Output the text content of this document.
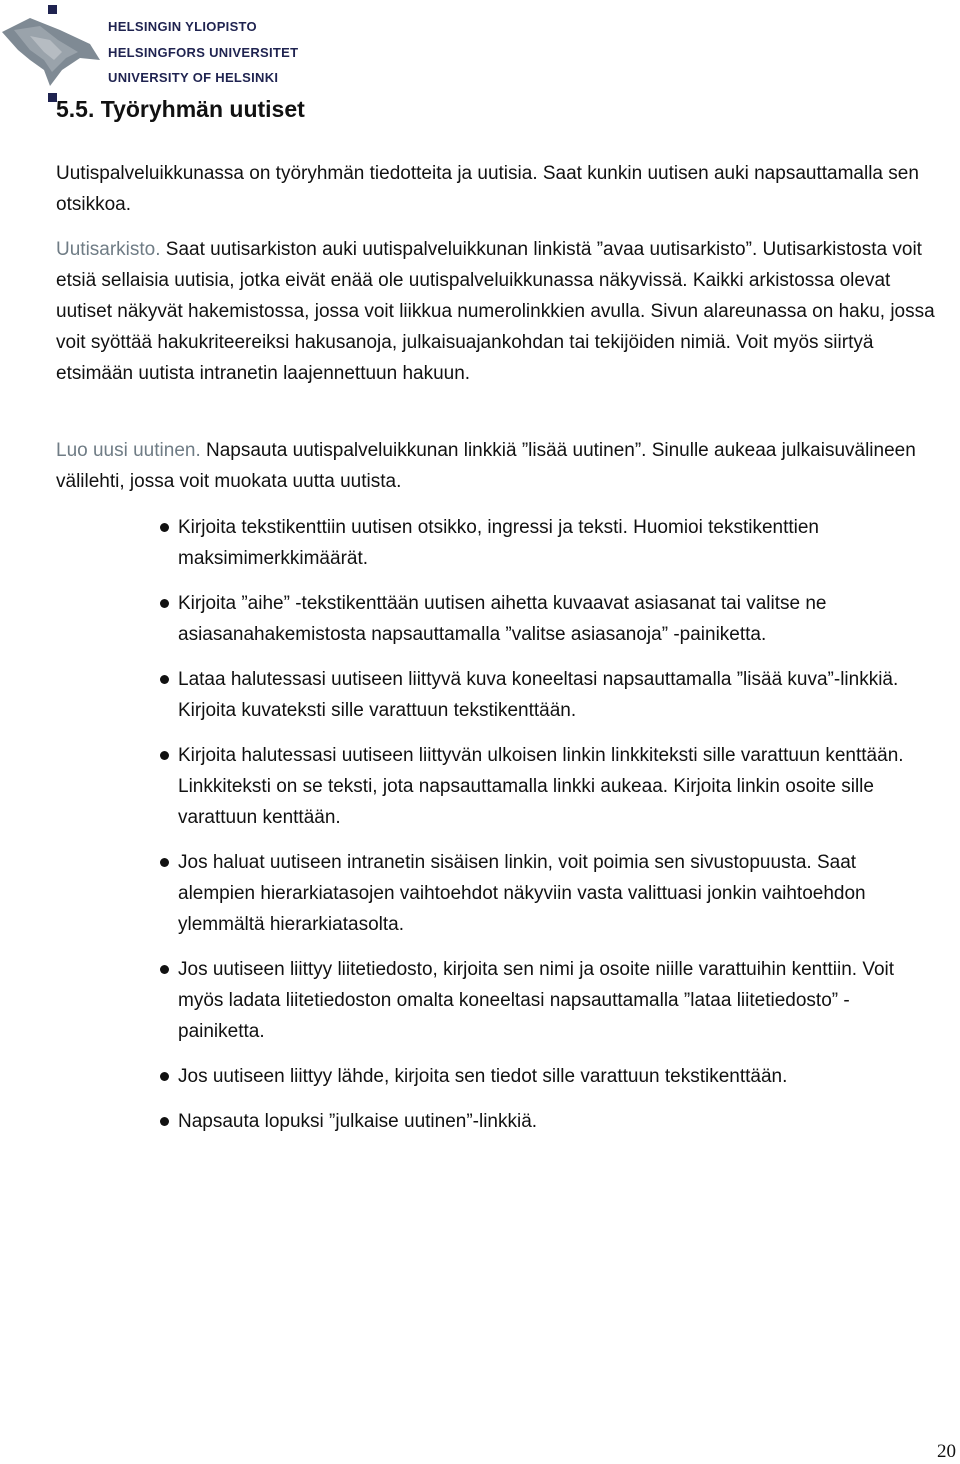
HELSINGIN YLIOPISTO
HELSINGFORS UNIVERSITET
UNIVERSITY OF HELSINKI
5.5. Työryhmän uutiset

Uutispalveluikkunassa on työryhmän tiedotteita ja uutisia. Saat kunkin uutisen auki napsauttamalla sen otsikkoa.

Uutisarkisto. Saat uutisarkiston auki uutispalveluikkunan linkistä ”avaa uutisarkisto”. Uutisarkistosta voit etsiä sellaisia uutisia, jotka eivät enää ole uutispalveluikkunassa näkyvissä. Kaikki arkistossa olevat uutiset näkyvät hakemistossa, jossa voit liikkua numerolinkkien avulla. Sivun alareunassa on haku, jossa voit syöttää hakukriteereiksi hakusanoja, julkaisuajankohdan tai tekijöiden nimiä. Voit myös siirtyä etsimään uutista intranetin laajennettuun hakuun.

Luo uusi uutinen. Napsauta uutispalveluikkunan linkkiä ”lisää uutinen”. Sinulle aukeaa julkaisuvälineen välilehti, jossa voit muokata uutta uutista.

Kirjoita tekstikenttiin uutisen otsikko, ingressi ja teksti. Huomioi tekstikenttien maksimimerkkimäärät.
Kirjoita ”aihe” -tekstikenttään uutisen aihetta kuvaavat asiasanat tai valitse ne asiasanahakemistosta napsauttamalla ”valitse asiasanoja” -painiketta.
Lataa halutessasi uutiseen liittyvä kuva koneeltasi napsauttamalla ”lisää kuva”-linkkiä. Kirjoita kuvateksti sille varattuun tekstikenttään.
Kirjoita halutessasi uutiseen liittyvän ulkoisen linkin linkkiteksti sille varattuun kenttään. Linkkiteksti on se teksti, jota napsauttamalla linkki aukeaa. Kirjoita linkin osoite sille varattuun kenttään.
Jos haluat uutiseen intranetin sisäisen linkin, voit poimia sen sivustopuusta. Saat alempien hierarkiatasojen vaihtoehdot näkyviin vasta valittuasi jonkin vaihtoehdon ylemmältä hierarkiatasolta.
Jos uutiseen liittyy liitetiedosto, kirjoita sen nimi ja osoite niille varattuihin kenttiin. Voit myös ladata liitetiedoston omalta koneeltasi napsauttamalla ”lataa liitetiedosto” -painiketta.
Jos uutiseen liittyy lähde, kirjoita sen tiedot sille varattuun tekstikenttään.
Napsauta lopuksi ”julkaise uutinen”-linkkiä.
20
